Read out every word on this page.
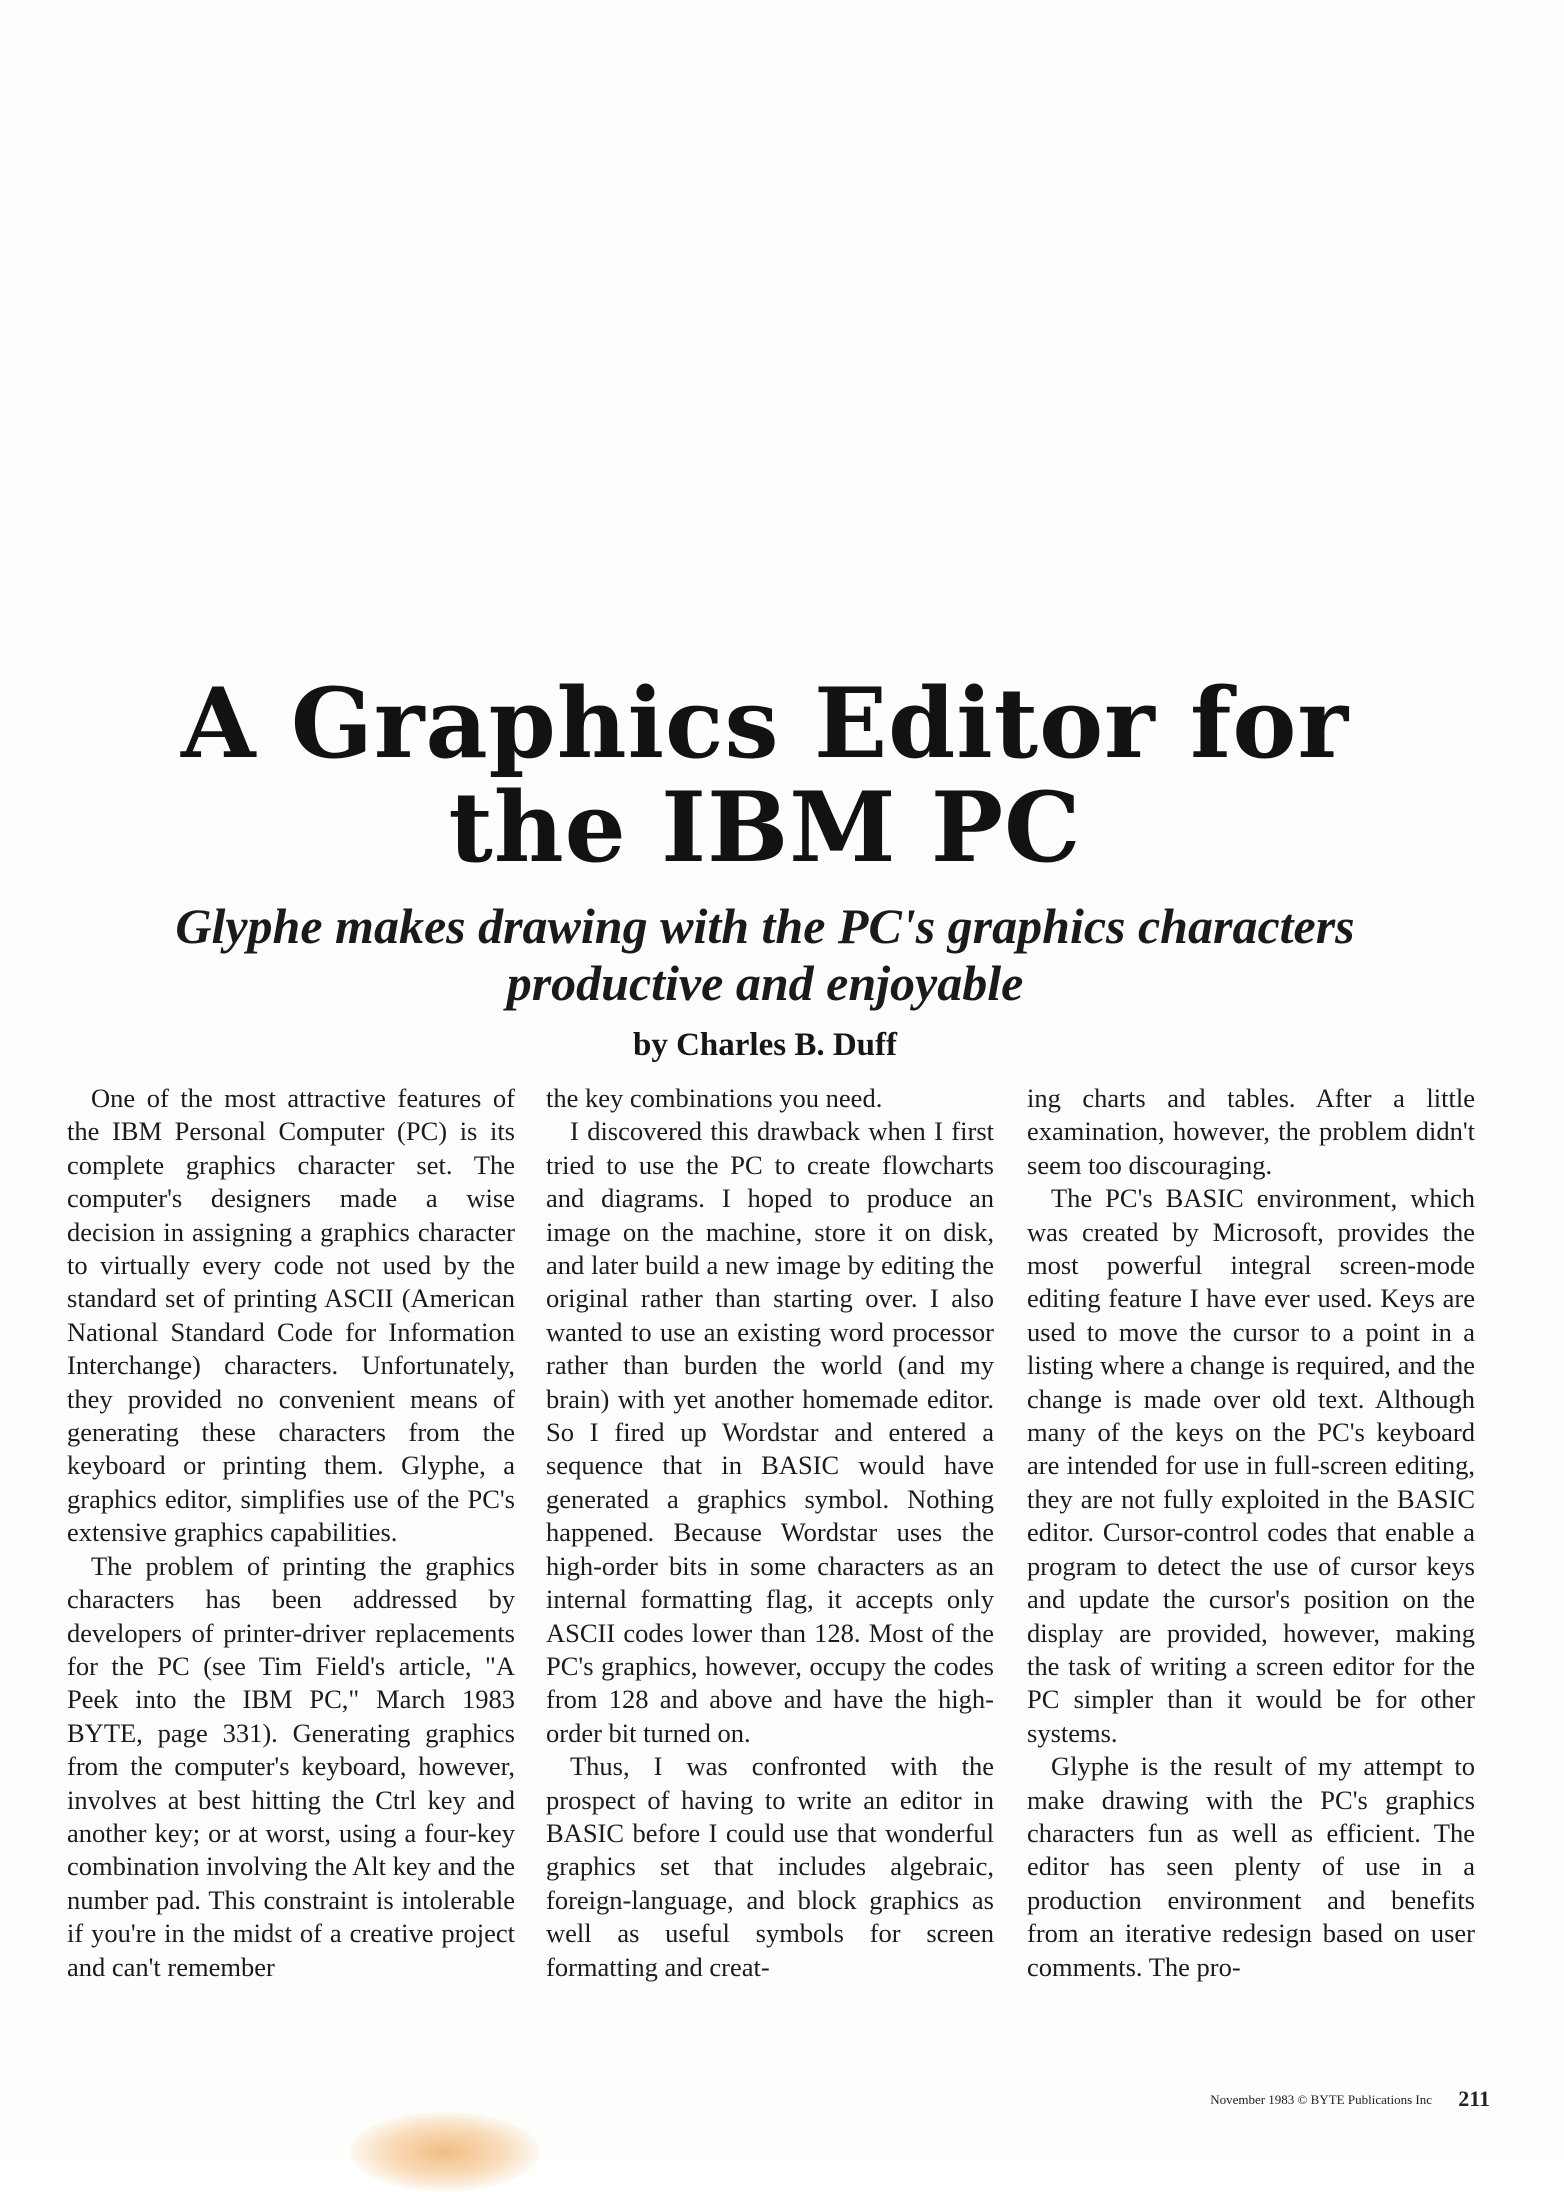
A Graphics Editor for the IBM PC
Glyphe makes drawing with the PC's graphics characters productive and enjoyable
by Charles B. Duff

One of the most attractive features of the IBM Personal Computer (PC) is its complete graphics character set. The computer's designers made a wise decision in assigning a graphics character to virtually every code not used by the standard set of printing ASCII (American National Standard Code for Information Interchange) characters. Unfortunately, they provided no convenient means of generating these characters from the keyboard or printing them. Glyphe, a graphics editor, simplifies use of the PC's extensive graphics capabilities.

The problem of printing the graphics characters has been addressed by developers of printer-driver replacements for the PC (see Tim Field's article, "A Peek into the IBM PC," March 1983 BYTE, page 331). Generating graphics from the computer's keyboard, however, involves at best hitting the Ctrl key and another key; or at worst, using a four-key combination involving the Alt key and the number pad. This constraint is intolerable if you're in the midst of a creative project and can't remember

the key combinations you need.

I discovered this drawback when I first tried to use the PC to create flowcharts and diagrams. I hoped to produce an image on the machine, store it on disk, and later build a new image by editing the original rather than starting over. I also wanted to use an existing word processor rather than burden the world (and my brain) with yet another homemade editor. So I fired up Wordstar and entered a sequence that in BASIC would have generated a graphics symbol. Nothing happened. Because Wordstar uses the high-order bits in some characters as an internal formatting flag, it accepts only ASCII codes lower than 128. Most of the PC's graphics, however, occupy the codes from 128 and above and have the high-order bit turned on.

Thus, I was confronted with the prospect of having to write an editor in BASIC before I could use that wonderful graphics set that includes algebraic, foreign-language, and block graphics as well as useful symbols for screen formatting and creat-

ing charts and tables. After a little examination, however, the problem didn't seem too discouraging.

The PC's BASIC environment, which was created by Microsoft, provides the most powerful integral screen-mode editing feature I have ever used. Keys are used to move the cursor to a point in a listing where a change is required, and the change is made over old text. Although many of the keys on the PC's keyboard are intended for use in full-screen editing, they are not fully exploited in the BASIC editor. Cursor-control codes that enable a program to detect the use of cursor keys and update the cursor's position on the display are provided, however, making the task of writing a screen editor for the PC simpler than it would be for other systems.

Glyphe is the result of my attempt to make drawing with the PC's graphics characters fun as well as efficient. The editor has seen plenty of use in a production environment and benefits from an iterative redesign based on user comments. The pro-

November 1983 © BYTE Publications Inc 211
